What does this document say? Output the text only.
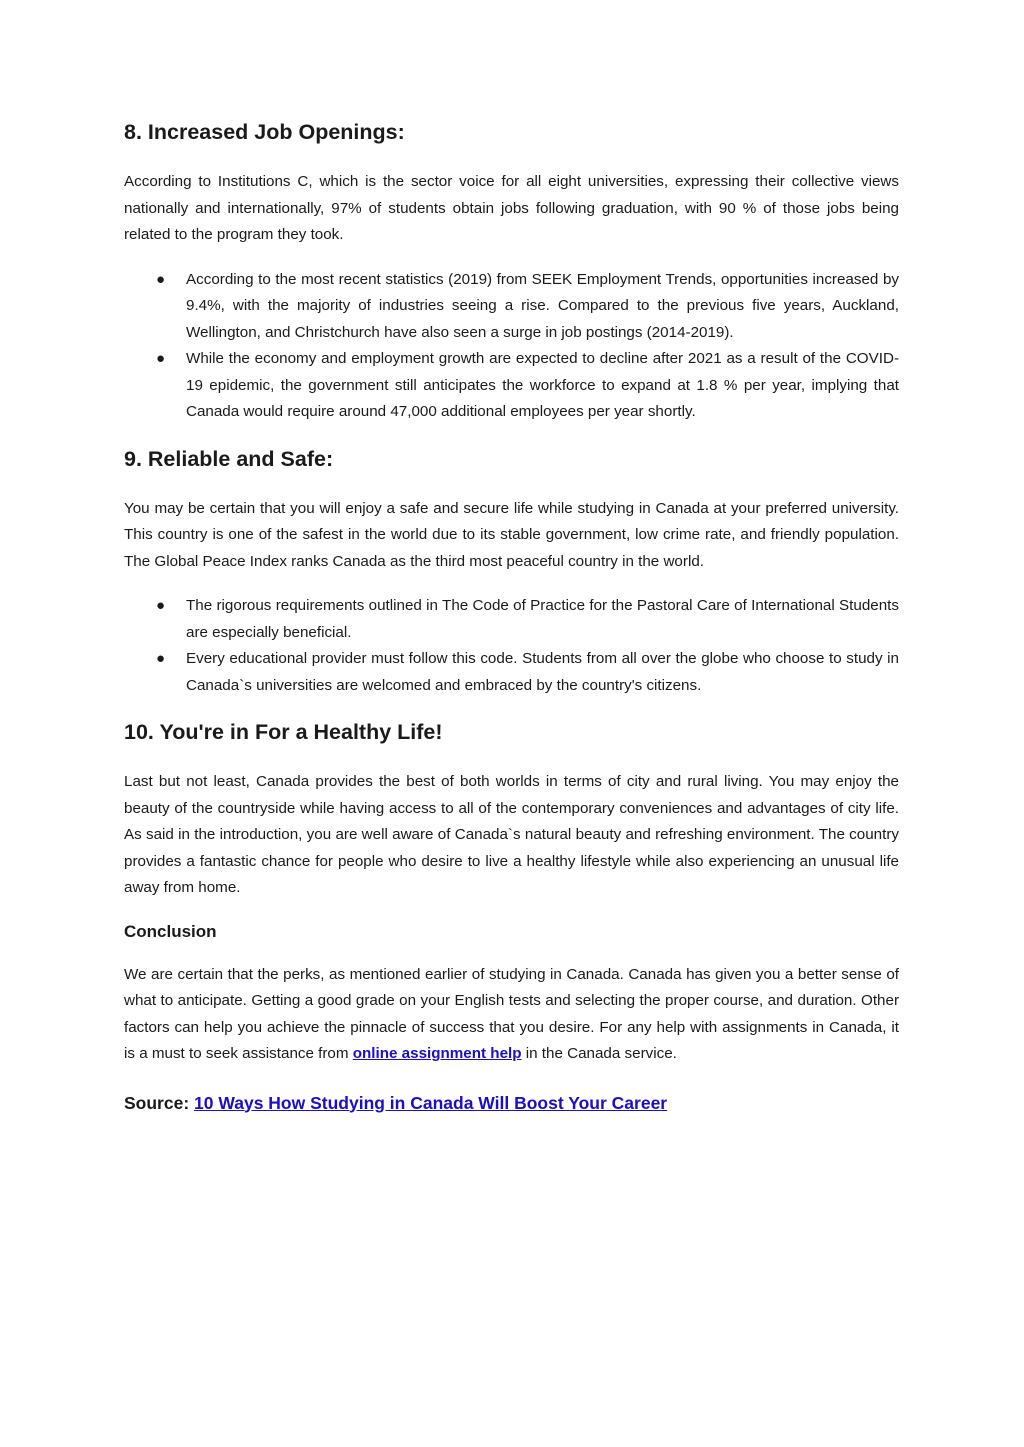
8. Increased Job Openings:

According to Institutions C, which is the sector voice for all eight universities, expressing their collective views nationally and internationally, 97% of students obtain jobs following graduation, with 90 % of those jobs being related to the program they took.

● According to the most recent statistics (2019) from SEEK Employment Trends, opportunities increased by 9.4%, with the majority of industries seeing a rise. Compared to the previous five years, Auckland, Wellington, and Christchurch have also seen a surge in job postings (2014-2019).
● While the economy and employment growth are expected to decline after 2021 as a result of the COVID-19 epidemic, the government still anticipates the workforce to expand at 1.8 % per year, implying that Canada would require around 47,000 additional employees per year shortly.
9. Reliable and Safe:

You may be certain that you will enjoy a safe and secure life while studying in Canada at your preferred university. This country is one of the safest in the world due to its stable government, low crime rate, and friendly population. The Global Peace Index ranks Canada as the third most peaceful country in the world.

● The rigorous requirements outlined in The Code of Practice for the Pastoral Care of International Students are especially beneficial.
● Every educational provider must follow this code. Students from all over the globe who choose to study in Canada`s universities are welcomed and embraced by the country's citizens.
10. You're in For a Healthy Life!

Last but not least, Canada provides the best of both worlds in terms of city and rural living. You may enjoy the beauty of the countryside while having access to all of the contemporary conveniences and advantages of city life. As said in the introduction, you are well aware of Canada`s natural beauty and refreshing environment. The country provides a fantastic chance for people who desire to live a healthy lifestyle while also experiencing an unusual life away from home.

Conclusion

We are certain that the perks, as mentioned earlier of studying in Canada. Canada has given you a better sense of what to anticipate. Getting a good grade on your English tests and selecting the proper course, and duration. Other factors can help you achieve the pinnacle of success that you desire. For any help with assignments in Canada, it is a must to seek assistance from online assignment help in the Canada service.

Source: 10 Ways How Studying in Canada Will Boost Your Career
